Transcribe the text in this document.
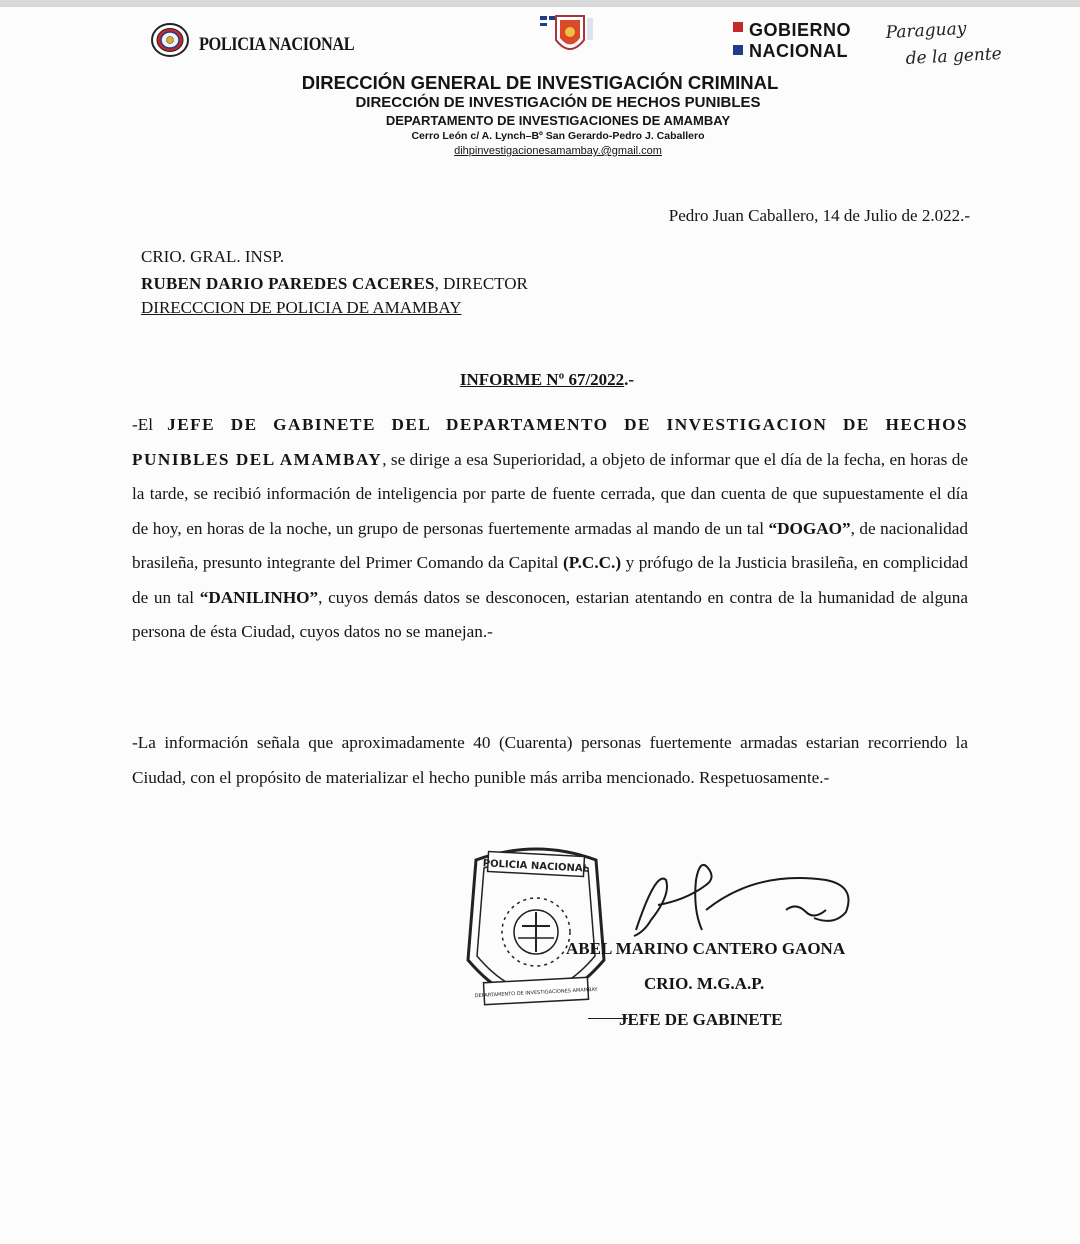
POLICIA NACIONAL
GOBIERNO
NACIONAL
Paraguay
de la gente
DIRECCIÓN GENERAL DE INVESTIGACIÓN CRIMINAL
DIRECCIÓN DE INVESTIGACIÓN DE HECHOS PUNIBLES
DEPARTAMENTO DE INVESTIGACIONES DE AMAMBAY
Cerro León c/ A. Lynch–Bº San Gerardo-Pedro J. Caballero
dihpinvestigacionesamambay.@gmail.com
Pedro Juan Caballero, 14 de Julio de 2.022.-
CRIO. GRAL. INSP.
RUBEN DARIO PAREDES CACERES, DIRECTOR
DIRECCCION DE POLICIA DE AMAMBAY
INFORME Nº 67/2022.-
-El JEFE DE GABINETE DEL DEPARTAMENTO DE INVESTIGACION DE HECHOS PUNIBLES DEL AMAMBAY, se dirige a esa Superioridad, a objeto de informar que el día de la fecha, en horas de la tarde, se recibió información de inteligencia por parte de fuente cerrada, que dan cuenta de que supuestamente el día de hoy, en horas de la noche, un grupo de personas fuertemente armadas al mando de un tal “DOGAO”, de nacionalidad brasileña, presunto integrante del Primer Comando da Capital (P.C.C.) y prófugo de la Justicia brasileña, en complicidad de un tal “DANILINHO”, cuyos demás datos se desconocen, estarian atentando en contra de la humanidad de alguna persona de ésta Ciudad, cuyos datos no se manejan.-
-La información señala que aproximadamente 40 (Cuarenta) personas fuertemente armadas estarian recorriendo la Ciudad, con el propósito de materializar el hecho punible más arriba mencionado. Respetuosamente.-
POLICIA NACIONAL
DEPARTAMENTO DE INVESTIGACIONES AMAMBAY
ABEL MARINO CANTERO GAONA
CRIO. M.G.A.P.
JEFE DE GABINETE
